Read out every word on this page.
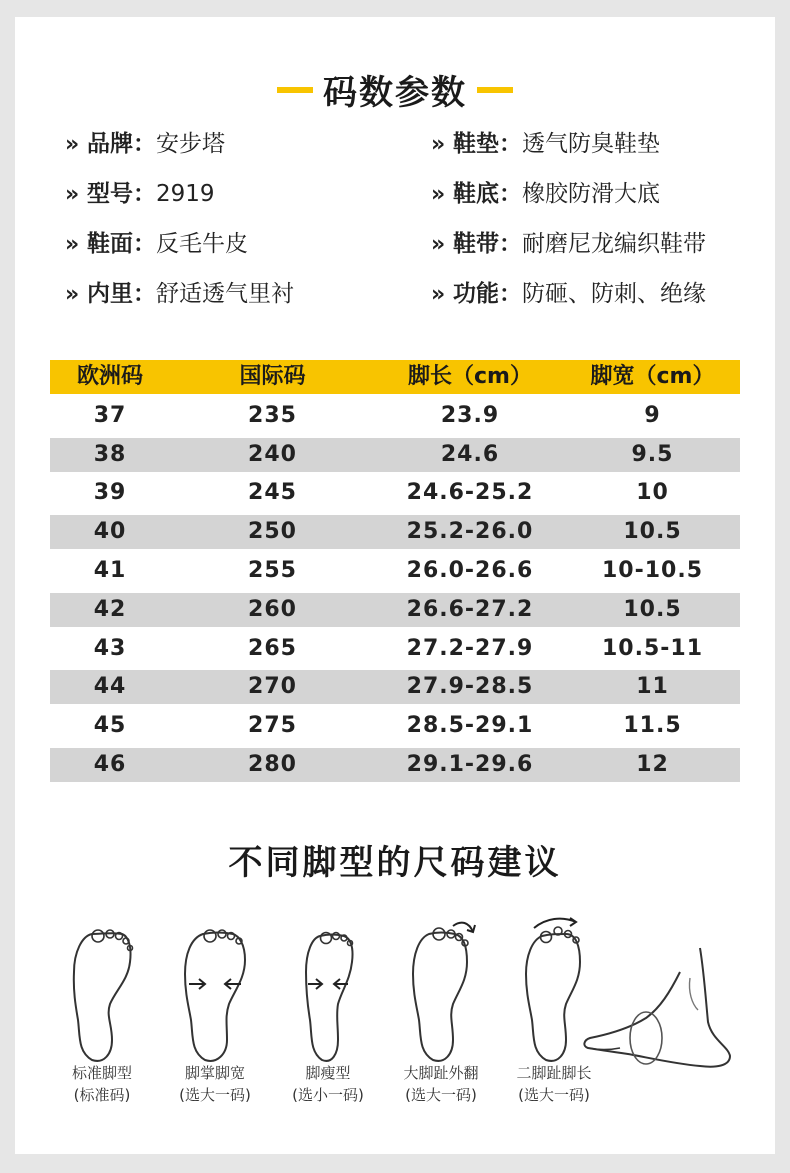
码数参数
» 品牌：安步塔
» 型号：2919
» 鞋面：反毛牛皮
» 内里：舒适透气里衬
» 鞋垫：透气防臭鞋垫
» 鞋底：橡胶防滑大底
» 鞋带：耐磨尼龙编织鞋带
» 功能：防砸、防刺、绝缘
欧洲码	国际码	脚长（cm）	脚宽（cm）
37	235	23.9	9
38	240	24.6	9.5
39	245	24.6-25.2	10
40	250	25.2-26.0	10.5
41	255	26.0-26.6	10-10.5
42	260	26.6-27.2	10.5
43	265	27.2-27.9	10.5-11
44	270	27.9-28.5	11
45	275	28.5-29.1	11.5
46	280	29.1-29.6	12
不同脚型的尺码建议
标准脚型
(标准码)
脚掌脚宽
(选大一码)
脚瘦型
(选小一码)
大脚趾外翻
(选大一码)
二脚趾脚长
(选大一码)
